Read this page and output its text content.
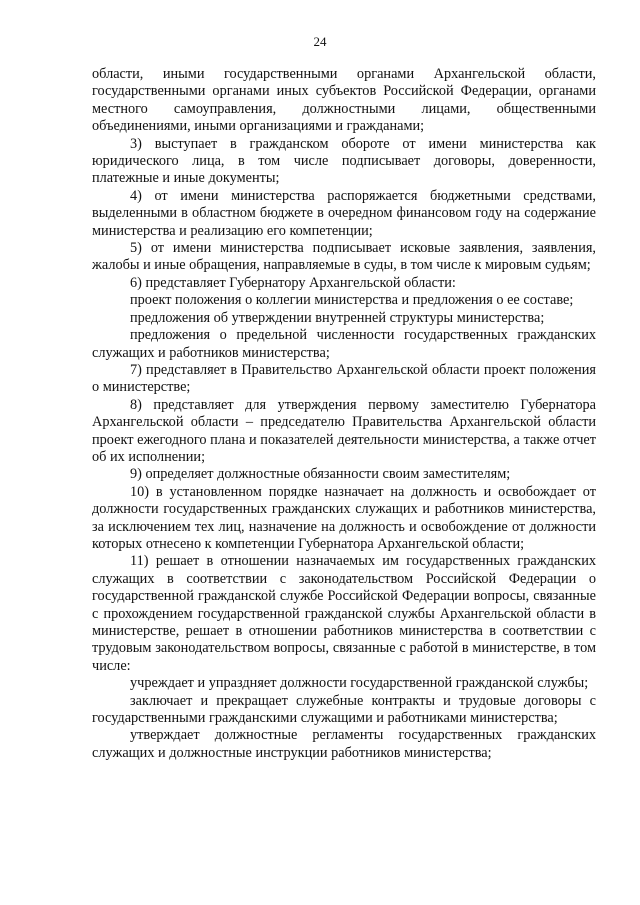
24

области, иными государственными органами Архангельской области, государственными органами иных субъектов Российской Федерации, органами местного самоуправления, должностными лицами, общественными объединениями, иными организациями и гражданами;

3) выступает в гражданском обороте от имени министерства как юридического лица, в том числе подписывает договоры, доверенности, платежные и иные документы;

4) от имени министерства распоряжается бюджетными средствами, выделенными в областном бюджете в очередном финансовом году на содержание министерства и реализацию его компетенции;

5) от имени министерства подписывает исковые заявления, заявления, жалобы и иные обращения, направляемые в суды, в том числе к мировым судьям;

6) представляет Губернатору Архангельской области:

проект положения о коллегии министерства и предложения о ее составе;

предложения об утверждении внутренней структуры министерства;

предложения о предельной численности государственных гражданских служащих и работников министерства;

7) представляет в Правительство Архангельской области проект положения о министерстве;

8) представляет для утверждения первому заместителю Губернатора Архангельской области – председателю Правительства Архангельской области проект ежегодного плана и показателей деятельности министерства, а также отчет об их исполнении;

9) определяет должностные обязанности своим заместителям;

10) в установленном порядке назначает на должность и освобождает от должности государственных гражданских служащих и работников министерства, за исключением тех лиц, назначение на должность и освобождение от должности которых отнесено к компетенции Губернатора Архангельской области;

11) решает в отношении назначаемых им государственных гражданских служащих в соответствии с законодательством Российской Федерации о государственной гражданской службе Российской Федерации вопросы, связанные с прохождением государственной гражданской службы Архангельской области в министерстве, решает в отношении работников министерства в соответствии с трудовым законодательством вопросы, связанные с работой в министерстве, в том числе:

учреждает и упраздняет должности государственной гражданской службы;

заключает и прекращает служебные контракты и трудовые договоры с государственными гражданскими служащими и работниками министерства;

утверждает должностные регламенты государственных гражданских служащих и должностные инструкции работников министерства;
